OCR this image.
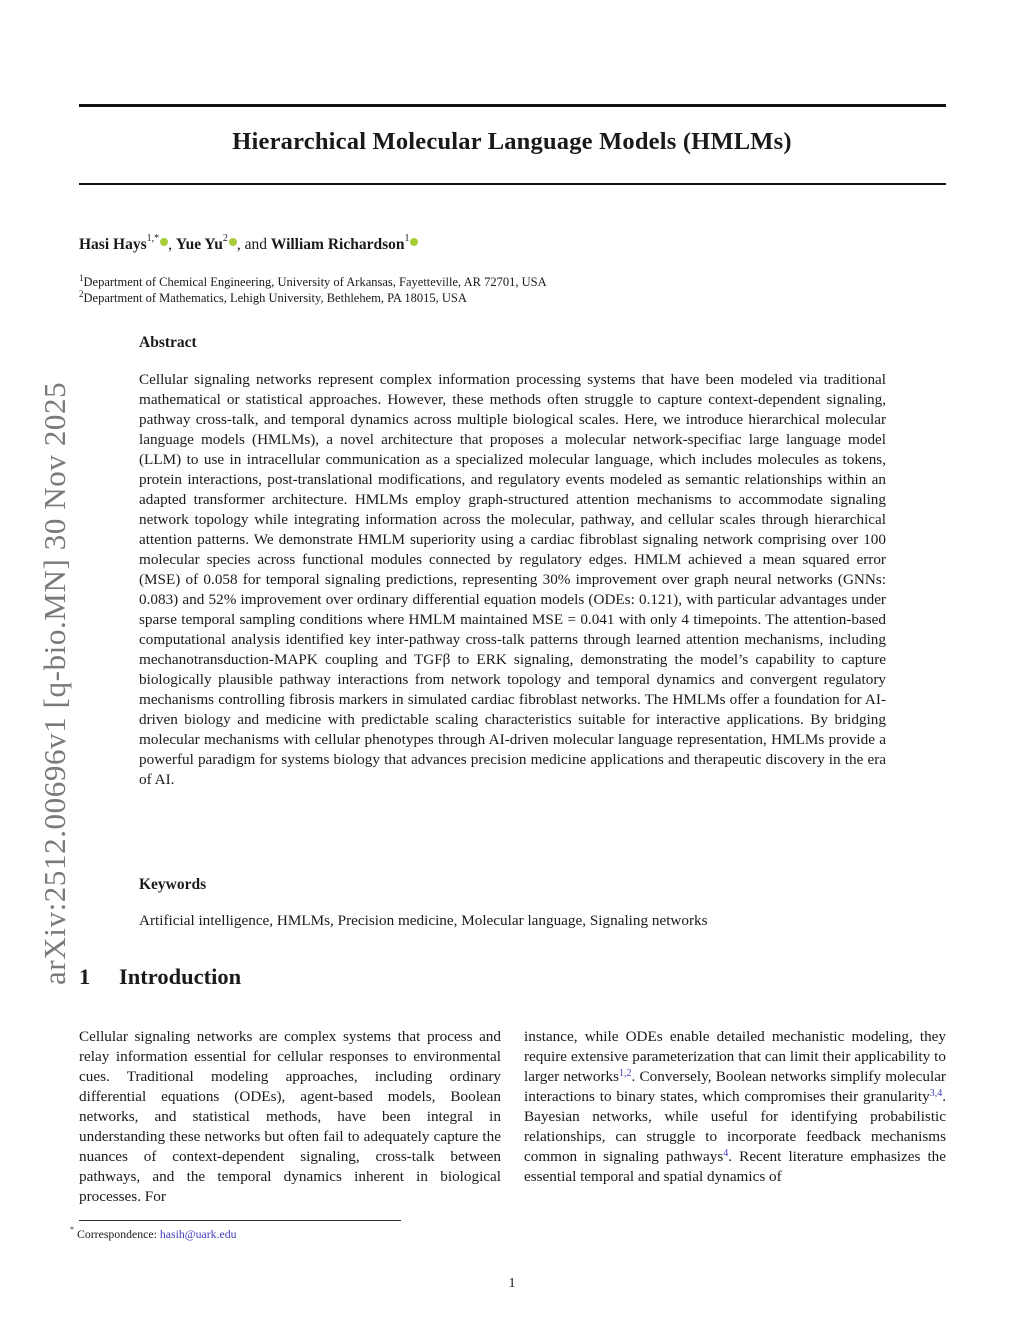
arXiv:2512.00696v1 [q-bio.MN] 30 Nov 2025
Hierarchical Molecular Language Models (HMLMs)
Hasi Hays$^{1,*}$ , Yue Yu$^2$ , and William Richardson$^1$
$^1$Department of Chemical Engineering, University of Arkansas, Fayetteville, AR 72701, USA
$^2$Department of Mathematics, Lehigh University, Bethlehem, PA 18015, USA
Abstract
Cellular signaling networks represent complex information processing systems that have been modeled via traditional mathematical or statistical approaches. However, these methods often struggle to capture context-dependent signaling, pathway cross-talk, and temporal dynamics across multiple biological scales. Here, we introduce hierarchical molecular language models (HMLMs), a novel architecture that proposes a molecular network-specifiac large language model (LLM) to use in intracellular communication as a specialized molecular language, which includes molecules as tokens, protein interactions, post-translational modifications, and regulatory events modeled as semantic relationships within an adapted transformer architecture. HMLMs employ graph-structured attention mechanisms to accommodate signaling network topology while integrating information across the molecular, pathway, and cellular scales through hierarchical attention patterns. We demonstrate HMLM superiority using a cardiac fibroblast signaling network comprising over 100 molecular species across functional modules connected by regulatory edges. HMLM achieved a mean squared error (MSE) of 0.058 for temporal signaling predictions, representing 30% improvement over graph neural networks (GNNs: 0.083) and 52% improvement over ordinary differential equation models (ODEs: 0.121), with particular advantages under sparse temporal sampling conditions where HMLM maintained MSE = 0.041 with only 4 timepoints. The attention-based computational analysis identified key inter-pathway cross-talk patterns through learned attention mechanisms, including mechanotransduction-MAPK coupling and TGFβ to ERK signaling, demonstrating the model’s capability to capture biologically plausible pathway interactions from network topology and temporal dynamics and convergent regulatory mechanisms controlling fibrosis markers in simulated cardiac fibroblast networks. The HMLMs offer a foundation for AI-driven biology and medicine with predictable scaling characteristics suitable for interactive applications. By bridging molecular mechanisms with cellular phenotypes through AI-driven molecular language representation, HMLMs provide a powerful paradigm for systems biology that advances precision medicine applications and therapeutic discovery in the era of AI.
Keywords
Artificial intelligence, HMLMs, Precision medicine, Molecular language, Signaling networks
1 Introduction
Cellular signaling networks are complex systems that process and relay information essential for cellular responses to environmental cues. Traditional modeling approaches, including ordinary differential equations (ODEs), agent-based models, Boolean networks, and statistical methods, have been integral in understanding these networks but often fail to adequately capture the nuances of context-dependent signaling, cross-talk between pathways, and the temporal dynamics inherent in biological processes. For
instance, while ODEs enable detailed mechanistic modeling, they require extensive parameterization that can limit their applicability to larger networks$^{1,2}$. Conversely, Boolean networks simplify molecular interactions to binary states, which compromises their granularity$^{3,4}$. Bayesian networks, while useful for identifying probabilistic relationships, can struggle to incorporate feedback mechanisms common in signaling pathways$^4$. Recent literature emphasizes the essential temporal and spatial dynamics of
* Correspondence: hasih@uark.edu
1
